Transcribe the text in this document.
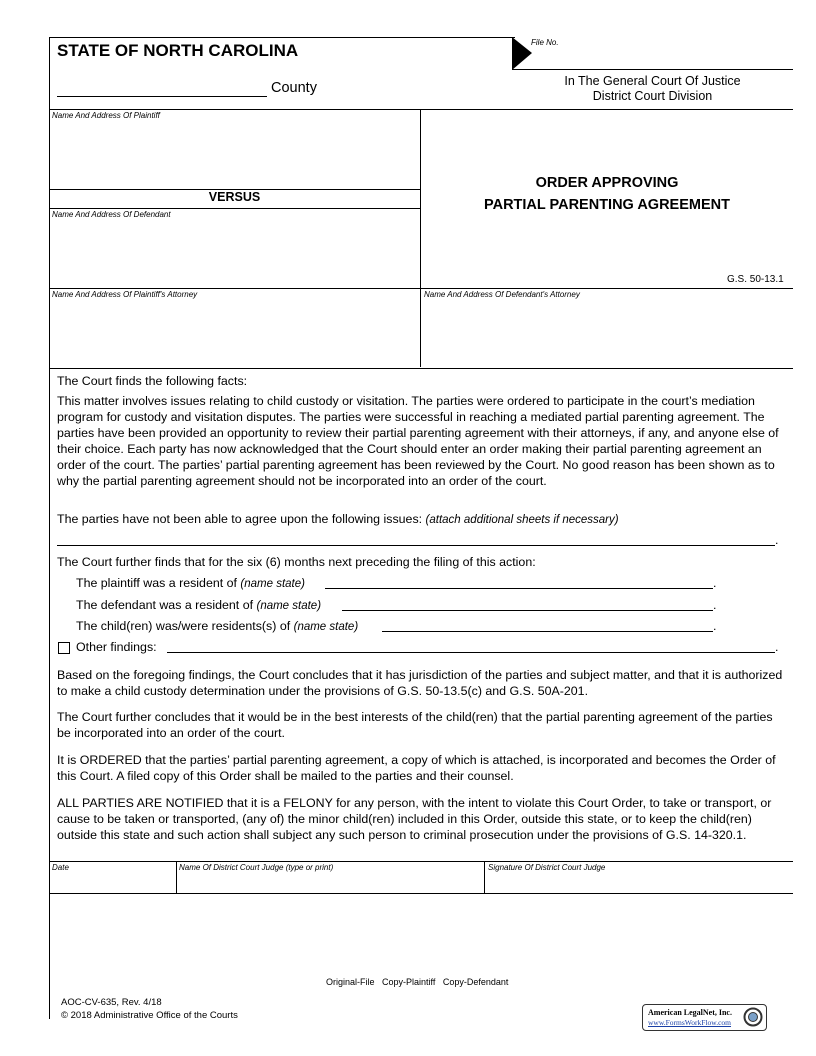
STATE OF NORTH CAROLINA
County
File No.
In The General Court Of Justice
District Court Division
Name And Address Of Plaintiff
VERSUS
Name And Address Of Defendant
ORDER APPROVING
PARTIAL PARENTING AGREEMENT
G.S. 50-13.1
Name And Address Of Plaintiff's Attorney	Name And Address Of Defendant's Attorney
The Court finds the following facts:
This matter involves issues relating to child custody or visitation. The parties were ordered to participate in the court’s mediation program for custody and visitation disputes. The parties were successful in reaching a mediated partial parenting agreement. The parties have been provided an opportunity to review their partial parenting agreement with their attorneys, if any, and anyone else of their choice. Each party has now acknowledged that the Court should enter an order making their partial parenting agreement an order of the court. The parties’ partial parenting agreement has been reviewed by the Court. No good reason has been shown as to why the partial parenting agreement should not be incorporated into an order of the court.
The parties have not been able to agree upon the following issues: (attach additional sheets if necessary)
.
The Court further finds that for the six (6) months next preceding the filing of this action:
The plaintiff was a resident of (name state)	.
The defendant was a resident of (name state)	.
The child(ren) was/were residents(s) of (name state)	.
Other findings:	.
Based on the foregoing findings, the Court concludes that it has jurisdiction of the parties and subject matter, and that it is authorized to make a child custody determination under the provisions of G.S. 50-13.5(c) and G.S. 50A-201.
The Court further concludes that it would be in the best interests of the child(ren) that the partial parenting agreement of the parties be incorporated into an order of the court.
It is ORDERED that the parties’ partial parenting agreement, a copy of which is attached, is incorporated and becomes the Order of this Court. A filed copy of this Order shall be mailed to the parties and their counsel.
ALL PARTIES ARE NOTIFIED that it is a FELONY for any person, with the intent to violate this Court Order, to take or transport, or cause to be taken or transported, (any of) the minor child(ren) included in this Order, outside this state, or to keep the child(ren) outside this state and such action shall subject any such person to criminal prosecution under the provisions of G.S. 14-320.1.
Date	Name Of District Court Judge (type or print)	Signature Of District Court Judge
Original-File   Copy-Plaintiff   Copy-Defendant
AOC-CV-635, Rev. 4/18
© 2018 Administrative Office of the Courts	American LegalNet, Inc.
www.FormsWorkFlow.com
